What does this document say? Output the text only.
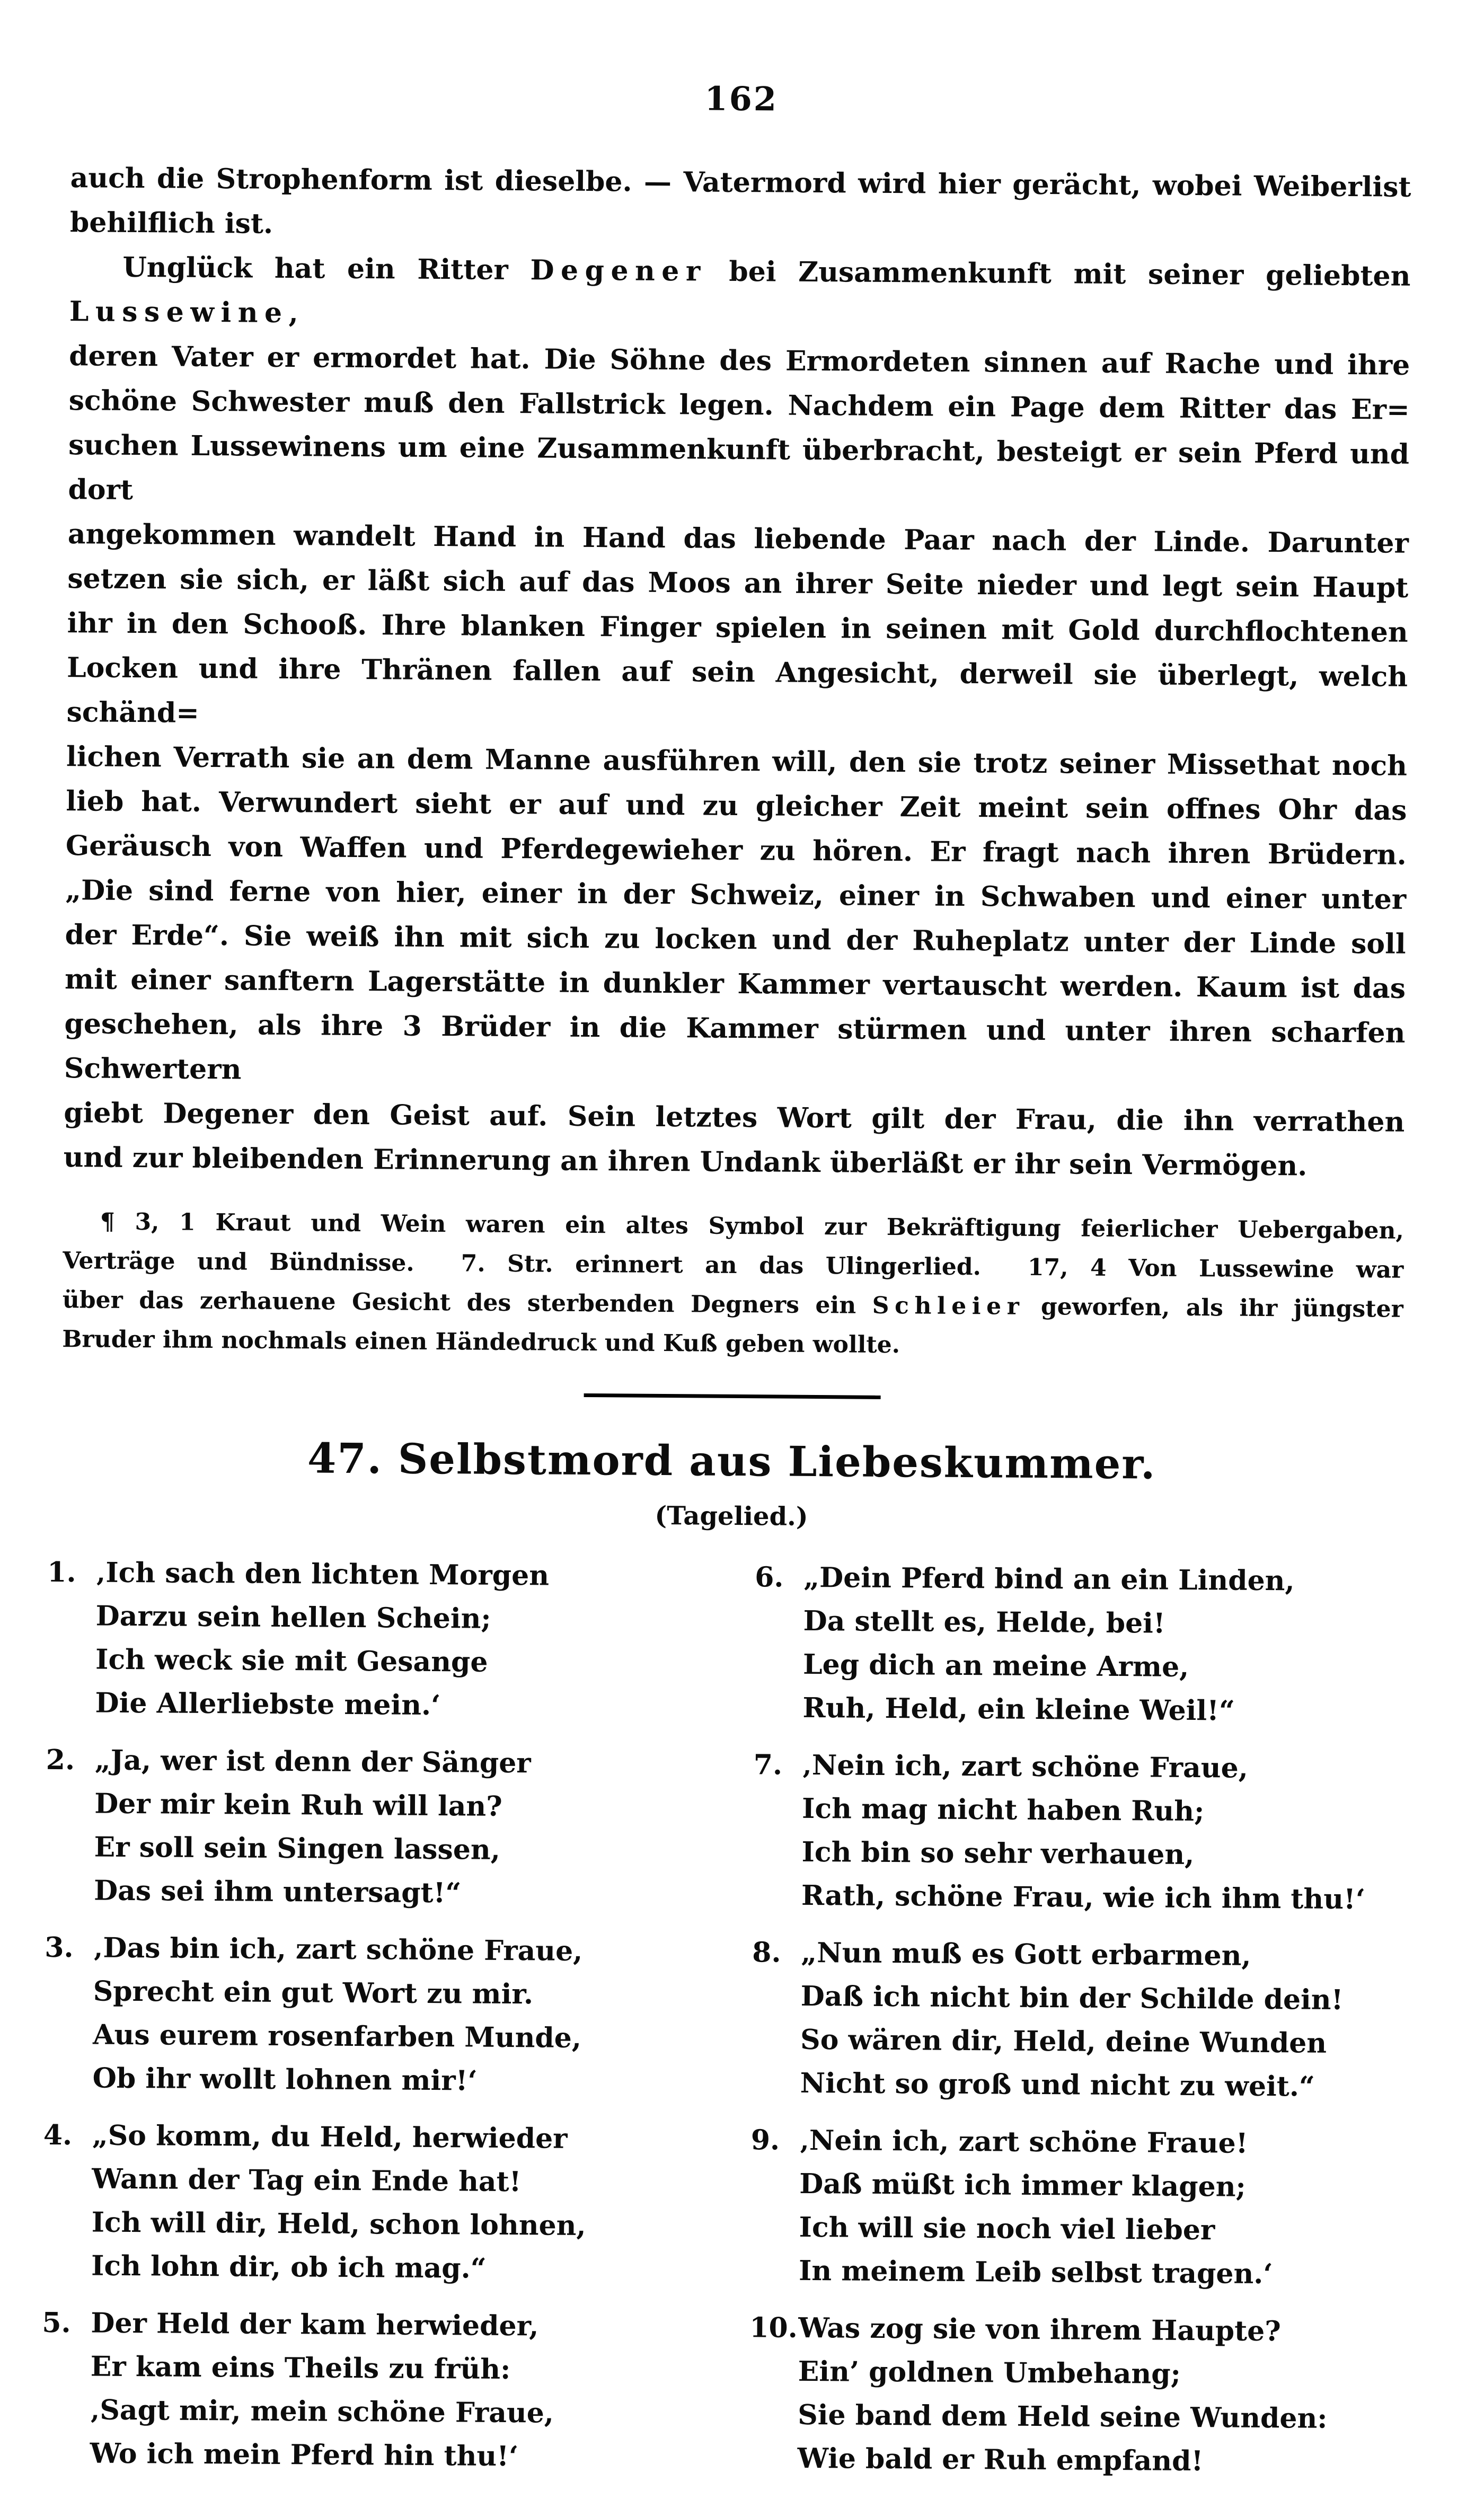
162
auch die Strophenform ist dieselbe. — Vatermord wird hier gerächt, wobei Weiberlist
behilflich ist.
Unglück hat ein Ritter Degener bei Zusammenkunft mit seiner geliebten Lussewine,
deren Vater er ermordet hat. Die Söhne des Ermordeten sinnen auf Rache und ihre
schöne Schwester muß den Fallstrick legen. Nachdem ein Page dem Ritter das Er=
suchen Lussewinens um eine Zusammenkunft überbracht, besteigt er sein Pferd und dort
angekommen wandelt Hand in Hand das liebende Paar nach der Linde. Darunter
setzen sie sich, er läßt sich auf das Moos an ihrer Seite nieder und legt sein Haupt
ihr in den Schooß. Ihre blanken Finger spielen in seinen mit Gold durchflochtenen
Locken und ihre Thränen fallen auf sein Angesicht, derweil sie überlegt, welch schänd=
lichen Verrath sie an dem Manne ausführen will, den sie trotz seiner Missethat noch
lieb hat. Verwundert sieht er auf und zu gleicher Zeit meint sein offnes Ohr das
Geräusch von Waffen und Pferdegewieher zu hören. Er fragt nach ihren Brüdern.
„Die sind ferne von hier, einer in der Schweiz, einer in Schwaben und einer unter
der Erde“. Sie weiß ihn mit sich zu locken und der Ruheplatz unter der Linde soll
mit einer sanftern Lagerstätte in dunkler Kammer vertauscht werden. Kaum ist das
geschehen, als ihre 3 Brüder in die Kammer stürmen und unter ihren scharfen Schwertern
giebt Degener den Geist auf. Sein letztes Wort gilt der Frau, die ihn verrathen
und zur bleibenden Erinnerung an ihren Undank überläßt er ihr sein Vermögen.
¶ 3, 1 Kraut und Wein waren ein altes Symbol zur Bekräftigung feierlicher Uebergaben,
Verträge und Bündnisse.  7. Str. erinnert an das Ulingerlied.  17, 4 Von Lussewine war
über das zerhauene Gesicht des sterbenden Degners ein Schleier geworfen, als ihr jüngster
Bruder ihm nochmals einen Händedruck und Kuß geben wollte.
47. Selbstmord aus Liebeskummer.
(Tagelied.)
1. ‚Ich sach den lichten Morgen
Darzu sein hellen Schein;
Ich weck sie mit Gesange
Die Allerliebste mein.‘
2. „Ja, wer ist denn der Sänger
Der mir kein Ruh will lan?
Er soll sein Singen lassen,
Das sei ihm untersagt!“
3. ‚Das bin ich, zart schöne Fraue,
Sprecht ein gut Wort zu mir.
Aus eurem rosenfarben Munde,
Ob ihr wollt lohnen mir!‘
4. „So komm, du Held, herwieder
Wann der Tag ein Ende hat!
Ich will dir, Held, schon lohnen,
Ich lohn dir, ob ich mag.“
5. Der Held der kam herwieder,
Er kam eins Theils zu früh:
‚Sagt mir, mein schöne Fraue,
Wo ich mein Pferd hin thu!‘
6. „Dein Pferd bind an ein Linden,
Da stellt es, Helde, bei!
Leg dich an meine Arme,
Ruh, Held, ein kleine Weil!“
7. ‚Nein ich, zart schöne Fraue,
Ich mag nicht haben Ruh;
Ich bin so sehr verhauen,
Rath, schöne Frau, wie ich ihm thu!‘
8. „Nun muß es Gott erbarmen,
Daß ich nicht bin der Schilde dein!
So wären dir, Held, deine Wunden
Nicht so groß und nicht zu weit.“
9. ‚Nein ich, zart schöne Fraue!
Daß müßt ich immer klagen;
Ich will sie noch viel lieber
In meinem Leib selbst tragen.‘
10.Was zog sie von ihrem Haupte?
Ein’ goldnen Umbehang;
Sie band dem Held seine Wunden:
Wie bald er Ruh empfand!
